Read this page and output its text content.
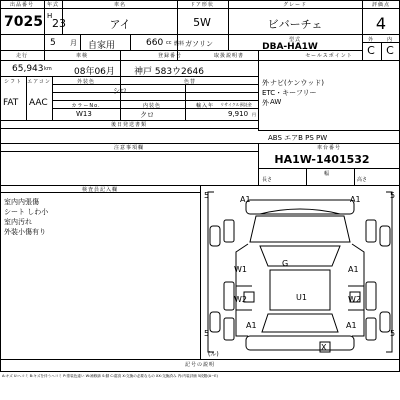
出品番号	年式	車名	ドア形状	グレード	評価点
7025 H
23	アイ	5W	ビバーチェ	4
5 月 自家用	660 cc 燃料 ガソリン	型式
DBA-HA1W
外	内
C C
走行	車検	登録番号	取扱説明書	セールスポイント
65,943 km 08年06月 神戸 583ウ2646
シフト エアコン	外装色	色替
シロ
カラーNo.	内装色	輸入年 リサイクル預託金
FAT AAC
W13	クロ	9,910 円
外 ナビ(ケンウッド)
ETC・キーフリー
外 AW
後日発送書類
ABS エアB PS PW
注意事項欄	車台番号
HA1W-1401532
長さ
幅
高さ
検査員記入欄
室内内張傷
シート しわ小
室内汚れ
外装小傷有り
A1	A1
W1
G
A1
W2	U1	W2
A1
X
A1
5	5
5	5
(ル)
記号の説明
A:キズ U:へコミ B:キズを伴うヘコミ P:塗装色違い W:補修跡 S:錆 C:腐食 X:交換の必要なもの XX:交換済み 内:内装評価 5段階(A~E)
